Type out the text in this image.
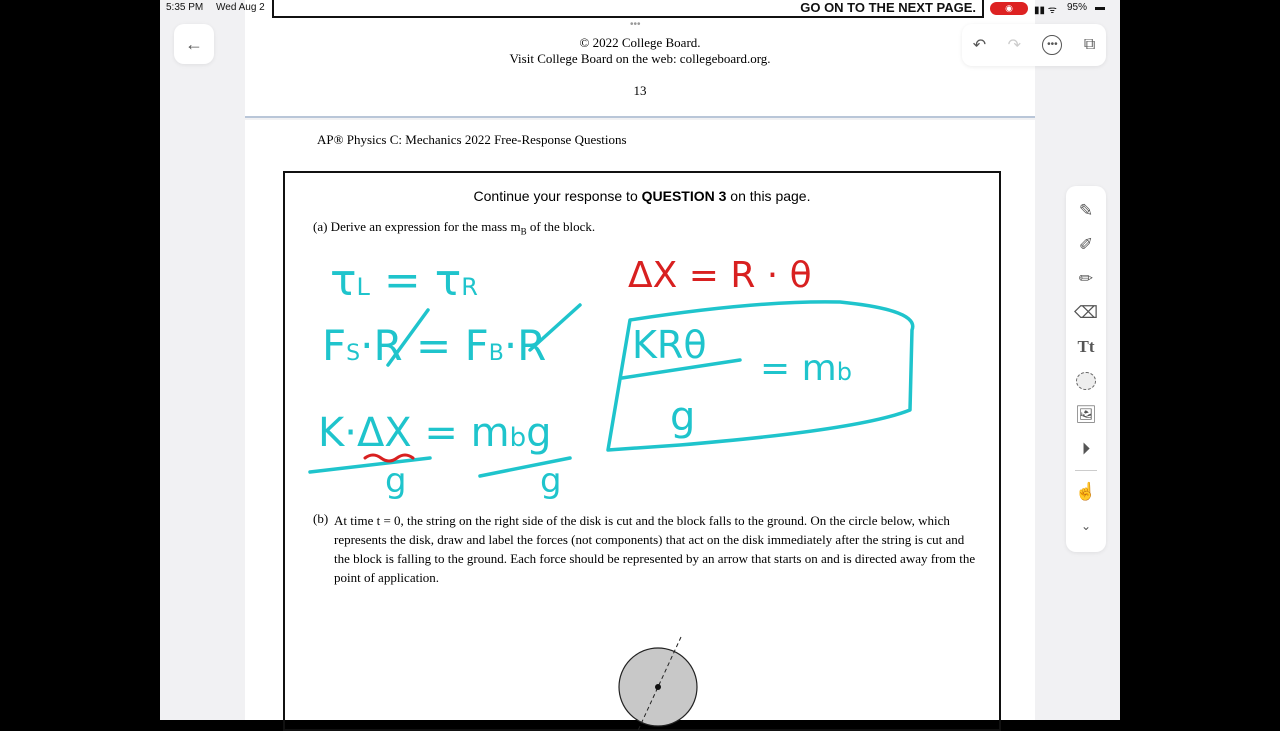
© 2022 College Board.
Visit College Board on the web: collegeboard.org.
13
GO ON TO THE NEXT PAGE.
5:35 PM Wed Aug 2	◉	▮▮ ᯤ 95% ▬
•••
AP® Physics C: Mechanics 2022 Free-Response Questions
Continue your response to QUESTION 3 on this page.
(a) Derive an expression for the mass $m_B$ of the block.
(b) At time t = 0, the string on the right side of the disk is cut and the block falls to the ground. On the circle below, which represents the disk, draw and label the forces (not components) that act on the disk immediately after the string is cut and the block is falling to the ground. Each force should be represented by an arrow that starts on and is directed away from the point of application.
τL = τR
FS·R = FB·R
K·ΔX = mbg
g	g
KRθ
g
= mb
ΔX = R · θ
←	↶ ↷	••• ⧉
✎
✐
✏
⌫
Tt
🖼︎
⏵
☝
⌄
